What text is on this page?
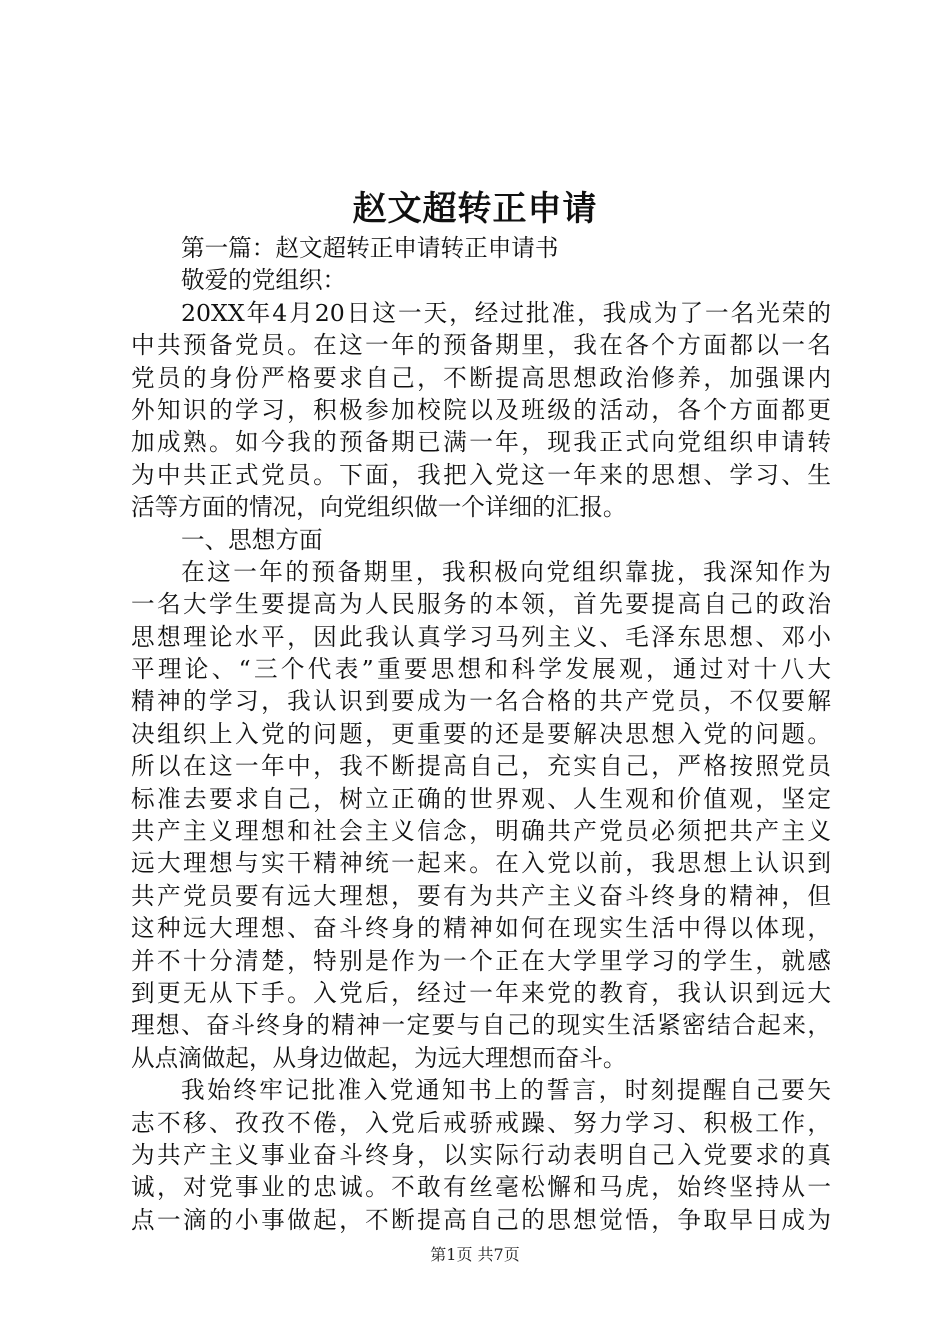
赵文超转正申请
第一篇：赵文超转正申请转正申请书
敬爱的党组织：
20XX年4月20日这一天，经过批准，我成为了一名光荣的
中共预备党员。在这一年的预备期里，我在各个方面都以一名
党员的身份严格要求自己，不断提高思想政治修养，加强课内
外知识的学习，积极参加校院以及班级的活动，各个方面都更
加成熟。如今我的预备期已满一年，现我正式向党组织申请转
为中共正式党员。下面，我把入党这一年来的思想、学习、生
活等方面的情况，向党组织做一个详细的汇报。
一、思想方面
在这一年的预备期里，我积极向党组织靠拢，我深知作为
一名大学生要提高为人民服务的本领，首先要提高自己的政治
思想理论水平，因此我认真学习马列主义、毛泽东思想、邓小
平理论、“三个代表”重要思想和科学发展观，通过对十八大
精神的学习，我认识到要成为一名合格的共产党员，不仅要解
决组织上入党的问题，更重要的还是要解决思想入党的问题。
所以在这一年中，我不断提高自己，充实自己，严格按照党员
标准去要求自己，树立正确的世界观、人生观和价值观，坚定
共产主义理想和社会主义信念，明确共产党员必须把共产主义
远大理想与实干精神统一起来。在入党以前，我思想上认识到
共产党员要有远大理想，要有为共产主义奋斗终身的精神，但
这种远大理想、奋斗终身的精神如何在现实生活中得以体现，
并不十分清楚，特别是作为一个正在大学里学习的学生，就感
到更无从下手。入党后，经过一年来党的教育，我认识到远大
理想、奋斗终身的精神一定要与自己的现实生活紧密结合起来，
从点滴做起，从身边做起，为远大理想而奋斗。
我始终牢记批准入党通知书上的誓言，时刻提醒自己要矢
志不移、孜孜不倦，入党后戒骄戒躁、努力学习、积极工作，
为共产主义事业奋斗终身，以实际行动表明自己入党要求的真
诚，对党事业的忠诚。不敢有丝毫松懈和马虎，始终坚持从一
点一滴的小事做起，不断提高自己的思想觉悟，争取早日成为
第1页 共7页
